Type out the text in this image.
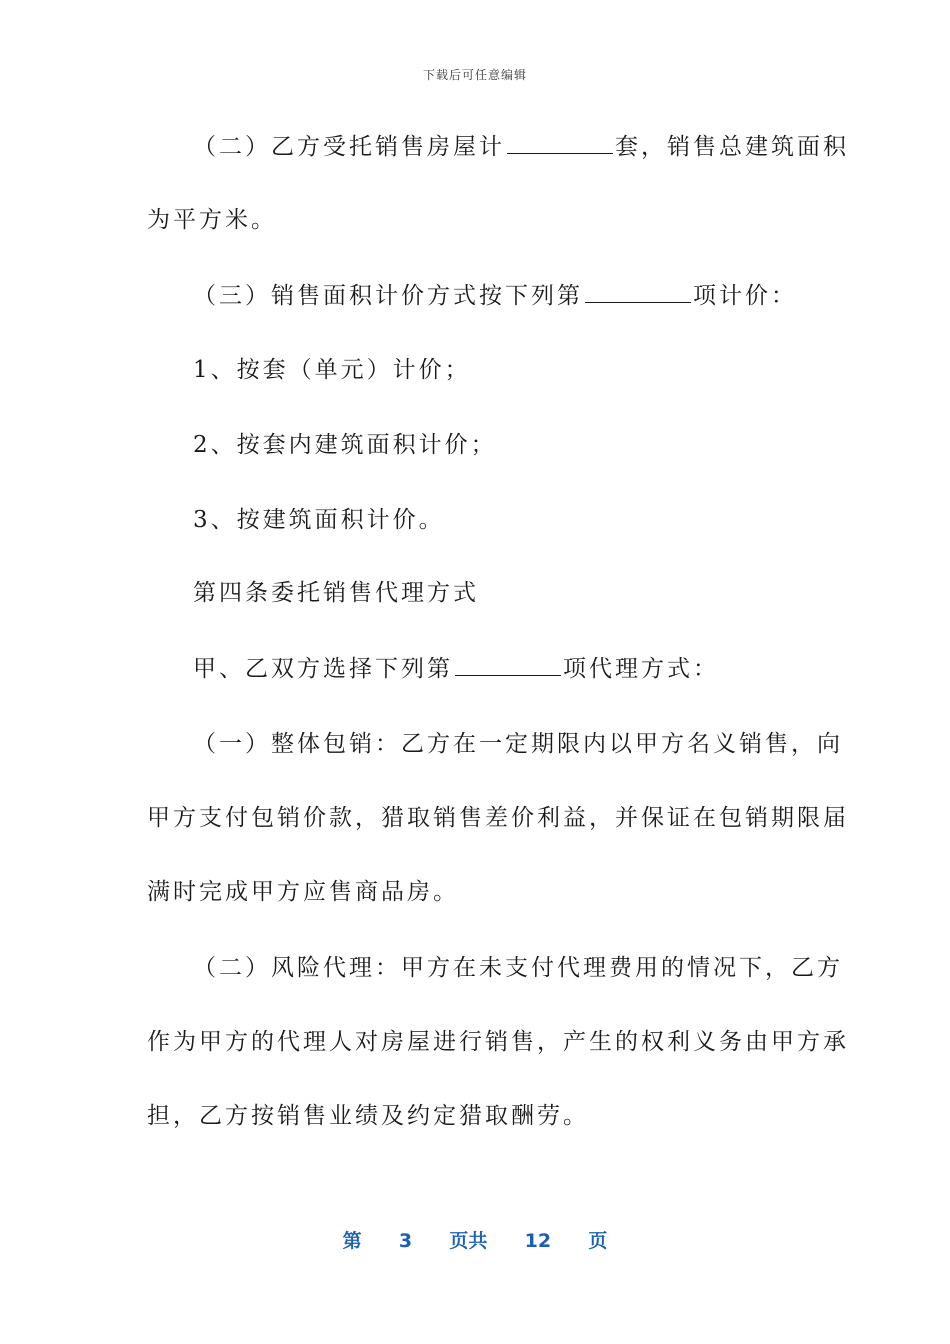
下载后可任意编辑
（二）乙方受托销售房屋计	套，销售总建筑面积
为平方米。
（三）销售面积计价方式按下列第	项计价：
1、按套（单元）计价；
2、按套内建筑面积计价；
3、按建筑面积计价。
第四条委托销售代理方式
甲、乙双方选择下列第	项代理方式：
（一）整体包销：乙方在一定期限内以甲方名义销售，向
甲方支付包销价款，猎取销售差价利益，并保证在包销期限届
满时完成甲方应售商品房。
（二）风险代理：甲方在未支付代理费用的情况下，乙方
作为甲方的代理人对房屋进行销售，产生的权利义务由甲方承
担，乙方按销售业绩及约定猎取酬劳。
第 3 页共 12 页
